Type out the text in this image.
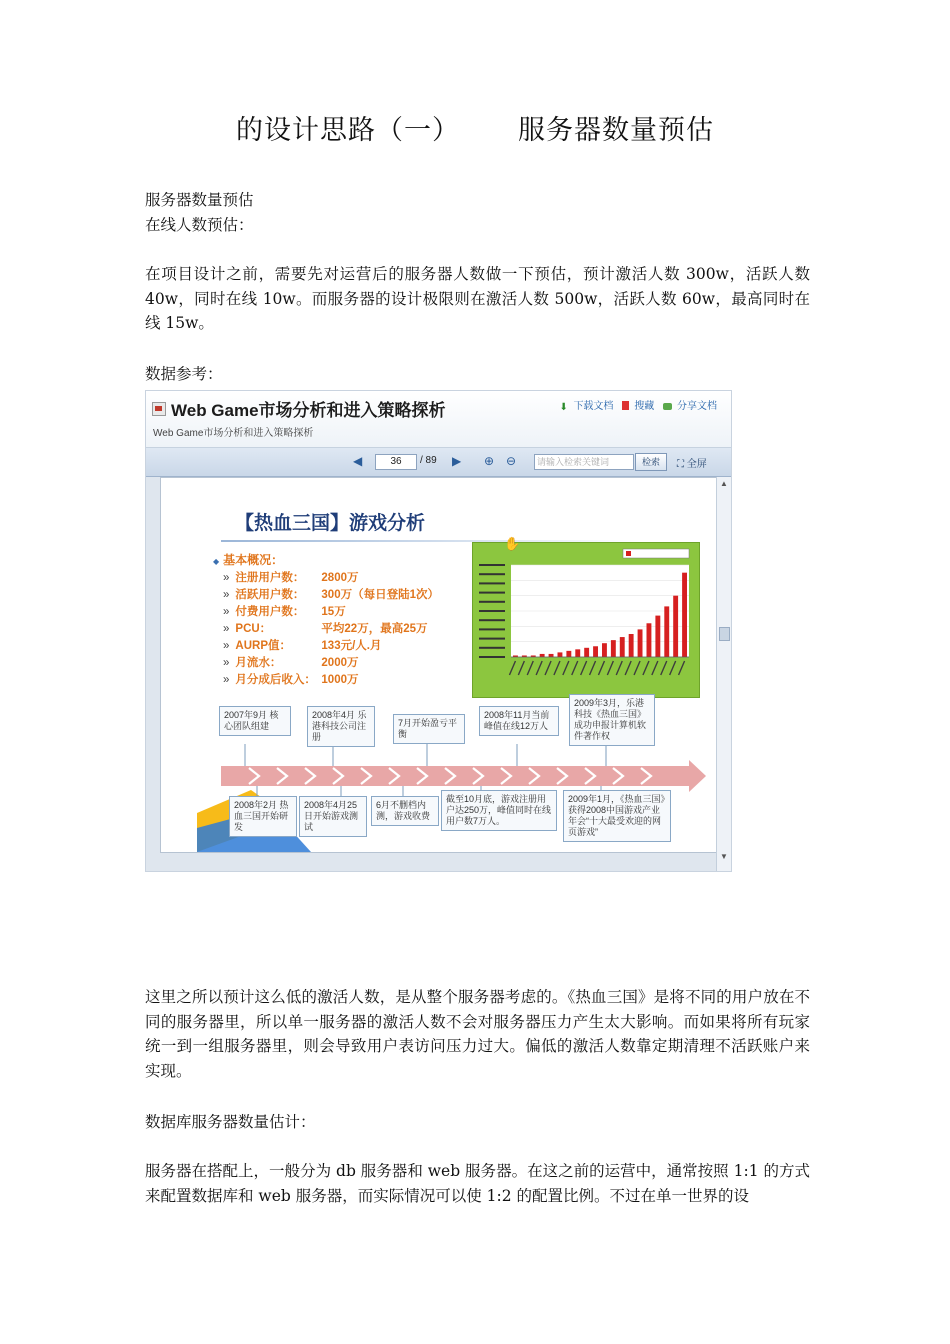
的设计思路（一） 服务器数量预估
服务器数量预估
在线人数预估：
在项目设计之前，需要先对运营后的服务器人数做一下预估，预计激活人数 300w，活跃人数 40w，同时在线 10w。而服务器的设计极限则在激活人数 500w，活跃人数 60w，最高同时在线 15w。
数据参考：
Web Game市场分析和进入策略探析
Web Game市场分析和进入策略探析
⬇ 下载文档 搜藏 分享文档
◀	36	/ 89 ▶ ⊕ ⊖	请输入检索关键词	检索	⛶ 全屏
【热血三国】游戏分析
◆ 基本概况：
» 注册用户数： 2800万
» 活跃用户数： 300万（每日登陆1次）
» 付费用户数： 15万
» PCU：	平均22万，最高25万
» AURP值：	133元/人.月
» 月流水：	2000万
» 月分成后收入： 1000万
✋
2007年9月 核心团队组建
2008年4月 乐港科技公司注册
7月开始盈亏平衡
2008年11月当前峰值在线12万人
2009年3月，乐港科技《热血三国》成功申报计算机软件著作权
2008年2月 热血三国开始研发
2008年4月25日开始游戏测试
6月不删档内测，游戏收费
截至10月底，游戏注册用户达250万，峰值同时在线用户数7万人。
2009年1月，《热血三国》获得2008中国游戏产业年会“十大最受欢迎的网页游戏”
▲
▼
这里之所以预计这么低的激活人数，是从整个服务器考虑的。《热血三国》是将不同的用户放在不同的服务器里，所以单一服务器的激活人数不会对服务器压力产生太大影响。而如果将所有玩家统一到一组服务器里，则会导致用户表访问压力过大。偏低的激活人数靠定期清理不活跃账户来实现。
数据库服务器数量估计：
服务器在搭配上，一般分为 db 服务器和 web 服务器。在这之前的运营中，通常按照 1:1 的方式来配置数据库和 web 服务器，而实际情况可以使 1:2 的配置比例。不过在单一世界的设
